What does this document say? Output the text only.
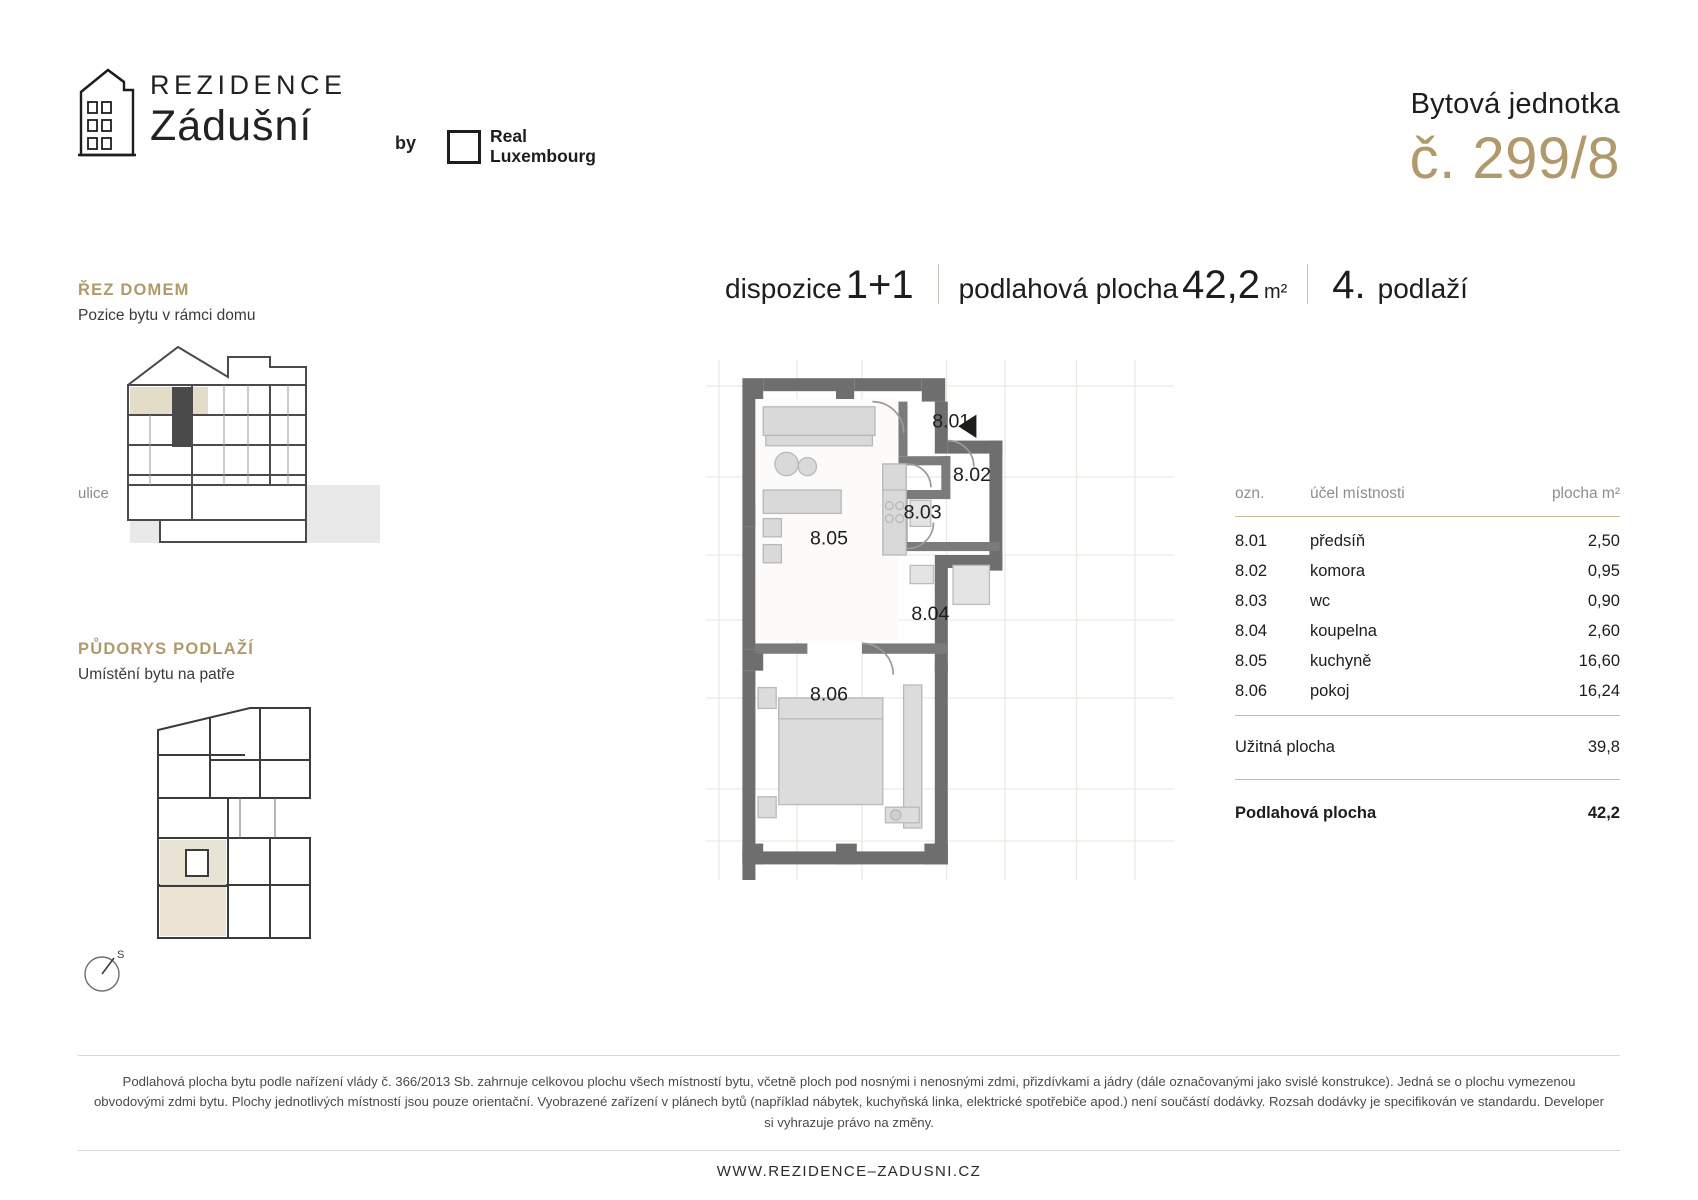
REZIDENCE
Zádušní	by	Real
Luxembourg
Bytová jednotka
č. 299/8
dispozice 1+1 podlahová plocha 42,2 m² 4. podlaží
ŘEZ DOMEM
Pozice bytu v rámci domu
ulice
PŮDORYS PODLAŽÍ
Umístění bytu na patře
S
8.01
8.02
8.03
8.04
8.05
8.06
ozn.	účel místnosti	plocha m²
8.01	předsíň	2,50
8.02	komora	0,95
8.03	wc	0,90
8.04	koupelna	2,60
8.05	kuchyně	16,60
8.06	pokoj	16,24
Užitná plocha	39,8
Podlahová plocha	42,2
Podlahová plocha bytu podle nařízení vlády č. 366/2013 Sb. zahrnuje celkovou plochu všech místností bytu, včetně ploch pod nosnými i nenosnými zdmi, přizdívkami a jádry (dále označovanými jako svislé konstrukce). Jedná se o plochu vymezenou obvodovými zdmi bytu. Plochy jednotlivých místností jsou pouze orientační. Vyobrazené zařízení v plánech bytů (například nábytek, kuchyňská linka, elektrické spotřebiče apod.) není součástí dodávky. Rozsah dodávky je specifikován ve standardu. Developer si vyhrazuje právo na změny.
WWW.REZIDENCE–ZADUSNI.CZ
